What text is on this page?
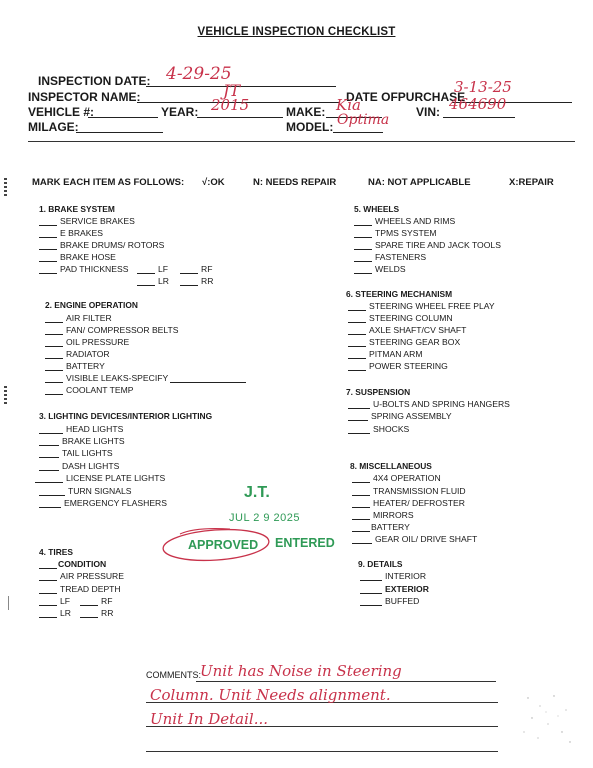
VEHICLE INSPECTION CHECKLIST
INSPECTION DATE: 4-29-25
INSPECTOR NAME:	JT	DATE OFPURCHASE
3-13-25
VEHICLE #:	YEAR: 2015	MAKE: Kia	VIN: 464690
MILAGE:	MODEL: Optima
MARK EACH ITEM AS FOLLOWS: √:OK	N: NEEDS REPAIR	NA: NOT APPLICABLE	X:REPAIR
1. BRAKE SYSTEM
SERVICE BRAKES
E BRAKES
BRAKE DRUMS/ ROTORS
BRAKE HOSE
PAD THICKNESS	LF	RF
LR	RR
2. ENGINE OPERATION
AIR FILTER
FAN/ COMPRESSOR BELTS
OIL PRESSURE
RADIATOR
BATTERY
VISIBLE LEAKS-SPECIFY
COOLANT TEMP
3. LIGHTING DEVICES/INTERIOR LIGHTING
HEAD LIGHTS
BRAKE LIGHTS
TAIL LIGHTS
DASH LIGHTS
LICENSE PLATE LIGHTS
TURN SIGNALS
EMERGENCY FLASHERS
4. TIRES
CONDITION
AIR PRESSURE
TREAD DEPTH
LF	RF
LR	RR
5. WHEELS
WHEELS AND RIMS
TPMS SYSTEM
SPARE TIRE AND JACK TOOLS
FASTENERS
WELDS
6. STEERING MECHANISM
STEERING WHEEL FREE PLAY
STEERING COLUMN
AXLE SHAFT/CV SHAFT
STEERING GEAR BOX
PITMAN ARM
POWER STEERING
7. SUSPENSION
U-BOLTS AND SPRING HANGERS
SPRING ASSEMBLY
SHOCKS
8. MISCELLANEOUS
4X4 OPERATION
TRANSMISSION FLUID
HEATER/ DEFROSTER
MIRRORS
BATTERY
GEAR OIL/ DRIVE SHAFT
9. DETAILS
INTERIOR
EXTERIOR
BUFFED
J.T.
JUL 2 9 2025
APPROVED ENTERED
COMMENTS: Unit has Noise in Steering
Column. Unit Needs alignment.
Unit In Detail...
